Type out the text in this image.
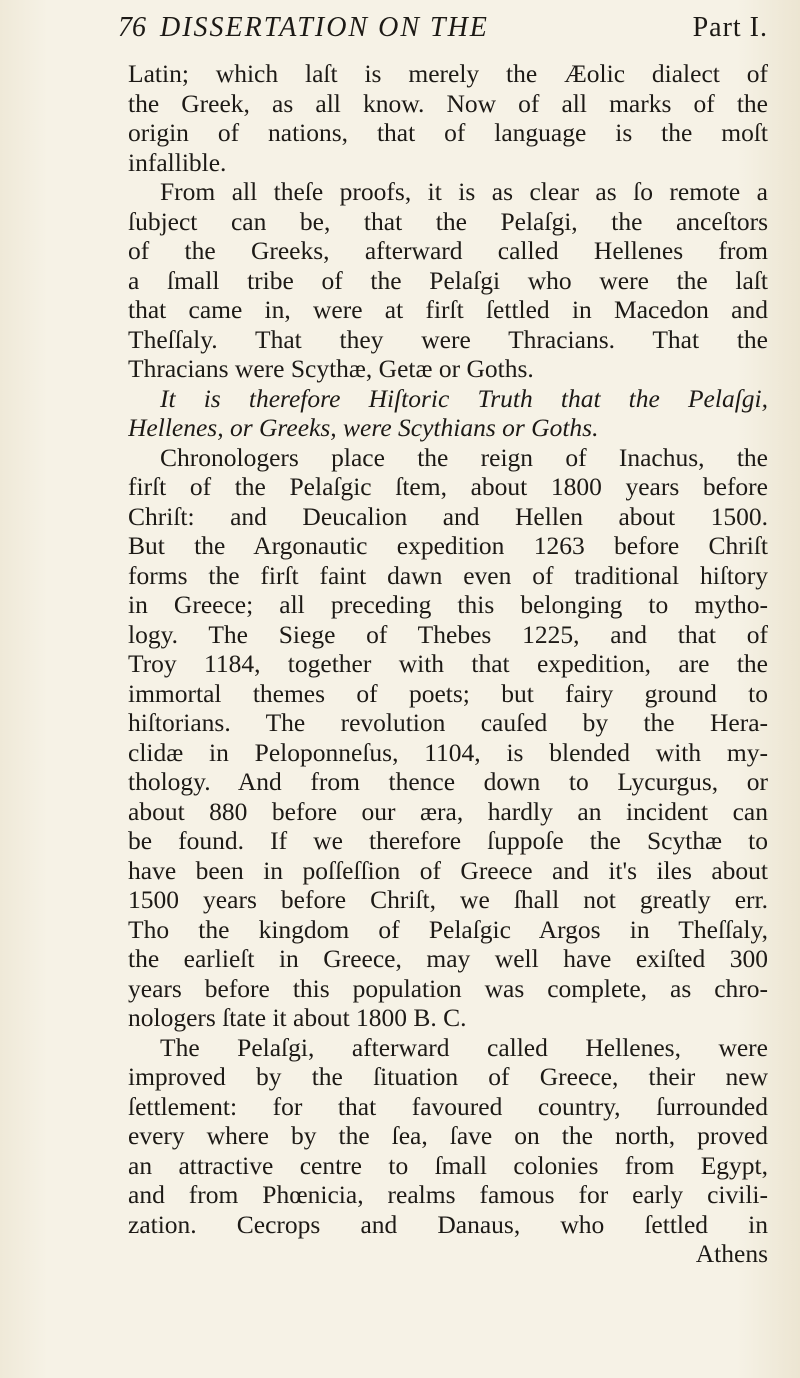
76 DISSERTATION ON THE	Part I.
Latin; which laſt is merely the Æolic dialect of
the Greek, as all know. Now of all marks of the
origin of nations, that of language is the moſt
infallible.
From all theſe proofs, it is as clear as ſo remote a
ſubject can be, that the Pelaſgi, the anceſtors
of the Greeks, afterward called Hellenes from
a ſmall tribe of the Pelaſgi who were the laſt
that came in, were at firſt ſettled in Macedon and
Theſſaly. That they were Thracians. That the
Thracians were Scythæ, Getæ or Goths.
It is therefore Hiſtoric Truth that the Pelaſgi,
Hellenes, or Greeks, were Scythians or Goths.
Chronologers place the reign of Inachus, the
firſt of the Pelaſgic ſtem, about 1800 years before
Chriſt: and Deucalion and Hellen about 1500.
But the Argonautic expedition 1263 before Chriſt
forms the firſt faint dawn even of traditional hiſtory
in Greece; all preceding this belonging to mytho-
logy. The Siege of Thebes 1225, and that of
Troy 1184, together with that expedition, are the
immortal themes of poets; but fairy ground to
hiſtorians. The revolution cauſed by the Hera-
clidæ in Peloponneſus, 1104, is blended with my-
thology. And from thence down to Lycurgus, or
about 880 before our æra, hardly an incident can
be found. If we therefore ſuppoſe the Scythæ to
have been in poſſeſſion of Greece and it's iles about
1500 years before Chriſt, we ſhall not greatly err.
Tho the kingdom of Pelaſgic Argos in Theſſaly,
the earlieſt in Greece, may well have exiſted 300
years before this population was complete, as chro-
nologers ſtate it about 1800 B. C.
The Pelaſgi, afterward called Hellenes, were
improved by the ſituation of Greece, their new
ſettlement: for that favoured country, ſurrounded
every where by the ſea, ſave on the north, proved
an attractive centre to ſmall colonies from Egypt,
and from Phœnicia, realms famous for early civili-
zation. Cecrops and Danaus, who ſettled in
Athens
